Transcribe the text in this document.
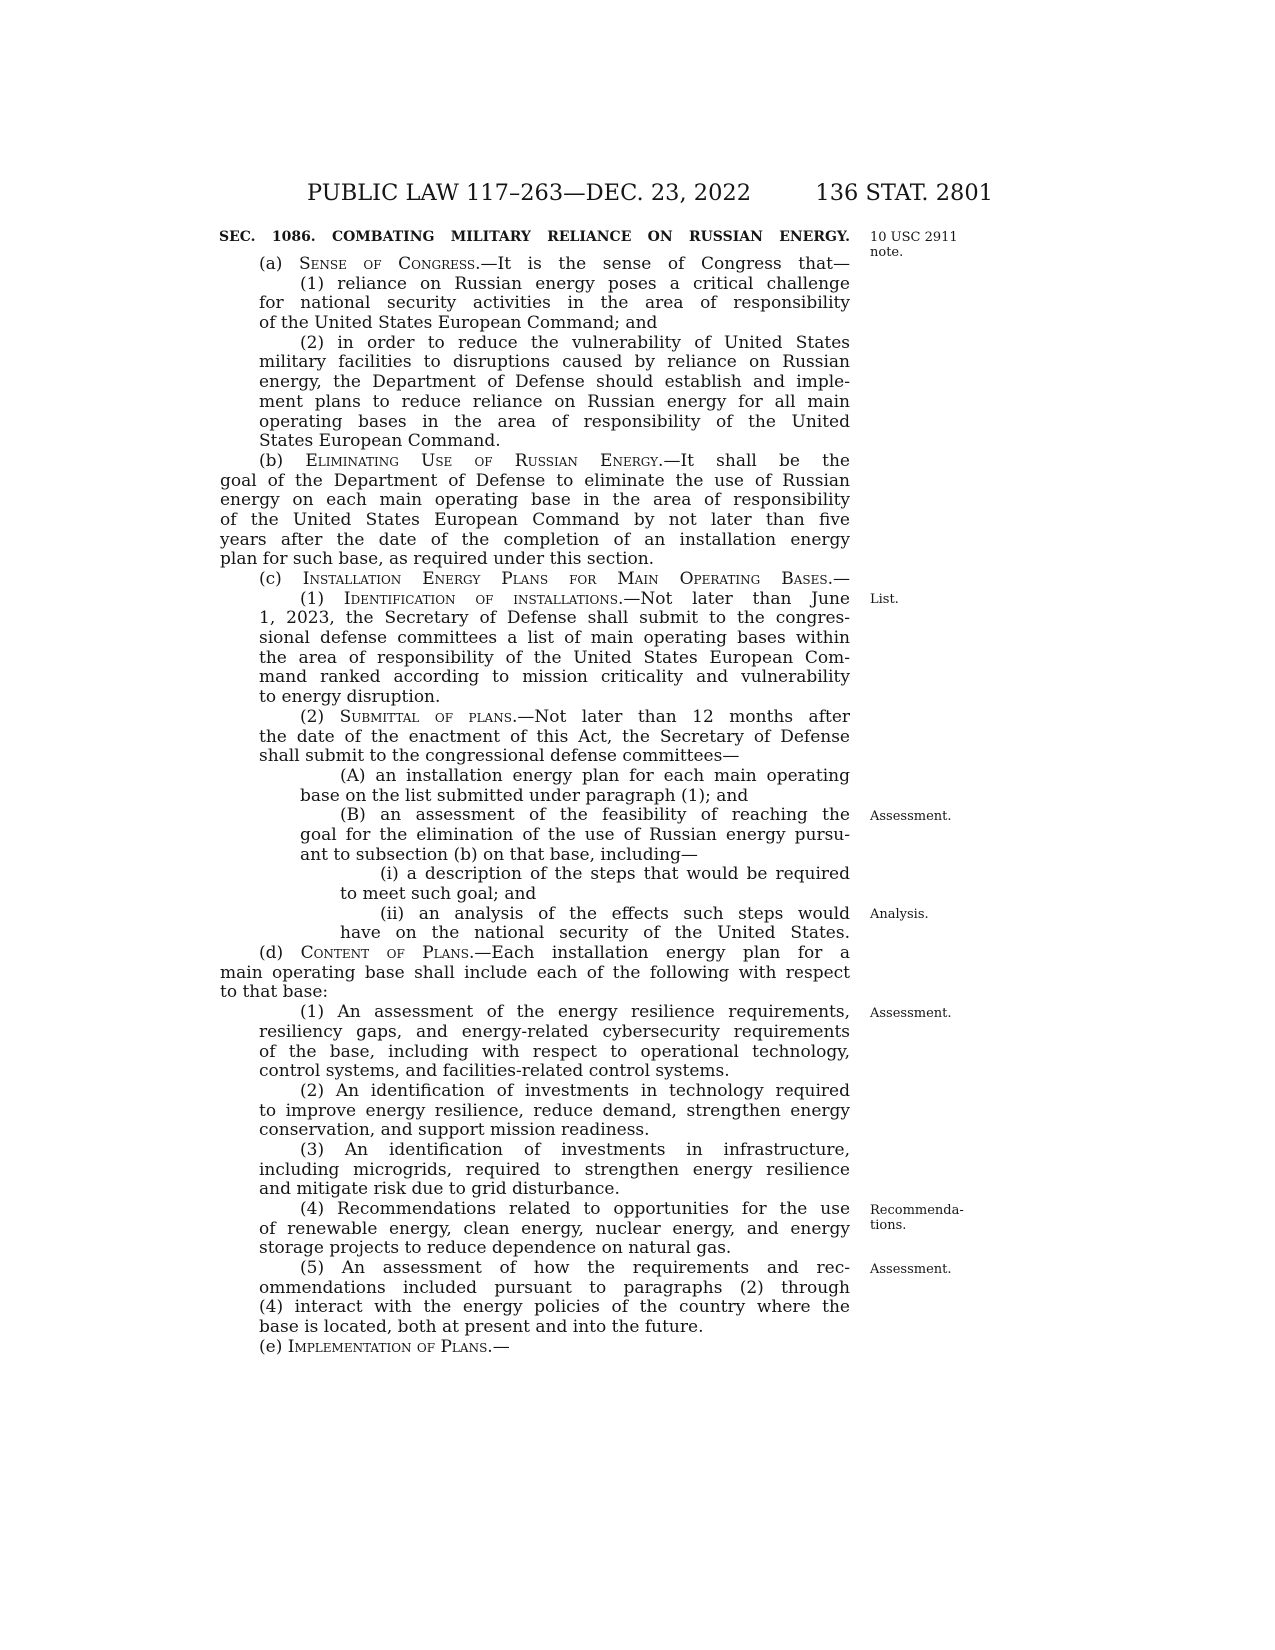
PUBLIC LAW 117–263—DEC. 23, 2022	136 STAT. 2801
SEC. 1086. COMBATING MILITARY RELIANCE ON RUSSIAN ENERGY. 10 USC 2911
note.
List.
Assessment.
Analysis.
Assessment.
Recommenda-
tions.
Assessment.
(a) Sense of Congress.—It is the sense of Congress that—
(1) reliance on Russian energy poses a critical challenge
for national security activities in the area of responsibility
of the United States European Command; and
(2) in order to reduce the vulnerability of United States
military facilities to disruptions caused by reliance on Russian
energy, the Department of Defense should establish and imple-
ment plans to reduce reliance on Russian energy for all main
operating bases in the area of responsibility of the United
States European Command.
(b) Eliminating Use of Russian Energy.—It shall be the
goal of the Department of Defense to eliminate the use of Russian
energy on each main operating base in the area of responsibility
of the United States European Command by not later than five
years after the date of the completion of an installation energy
plan for such base, as required under this section.
(c) Installation Energy Plans for Main Operating Bases.—
(1) Identification of installations.—Not later than June
1, 2023, the Secretary of Defense shall submit to the congres-
sional defense committees a list of main operating bases within
the area of responsibility of the United States European Com-
mand ranked according to mission criticality and vulnerability
to energy disruption.
(2) Submittal of plans.—Not later than 12 months after
the date of the enactment of this Act, the Secretary of Defense
shall submit to the congressional defense committees—
(A) an installation energy plan for each main operating
base on the list submitted under paragraph (1); and
(B) an assessment of the feasibility of reaching the
goal for the elimination of the use of Russian energy pursu-
ant to subsection (b) on that base, including—
(i) a description of the steps that would be required
to meet such goal; and
(ii) an analysis of the effects such steps would
have on the national security of the United States.
(d) Content of Plans.—Each installation energy plan for a
main operating base shall include each of the following with respect
to that base:
(1) An assessment of the energy resilience requirements,
resiliency gaps, and energy-related cybersecurity requirements
of the base, including with respect to operational technology,
control systems, and facilities-related control systems.
(2) An identification of investments in technology required
to improve energy resilience, reduce demand, strengthen energy
conservation, and support mission readiness.
(3) An identification of investments in infrastructure,
including microgrids, required to strengthen energy resilience
and mitigate risk due to grid disturbance.
(4) Recommendations related to opportunities for the use
of renewable energy, clean energy, nuclear energy, and energy
storage projects to reduce dependence on natural gas.
(5) An assessment of how the requirements and rec-
ommendations included pursuant to paragraphs (2) through
(4) interact with the energy policies of the country where the
base is located, both at present and into the future.
(e) Implementation of Plans.—
